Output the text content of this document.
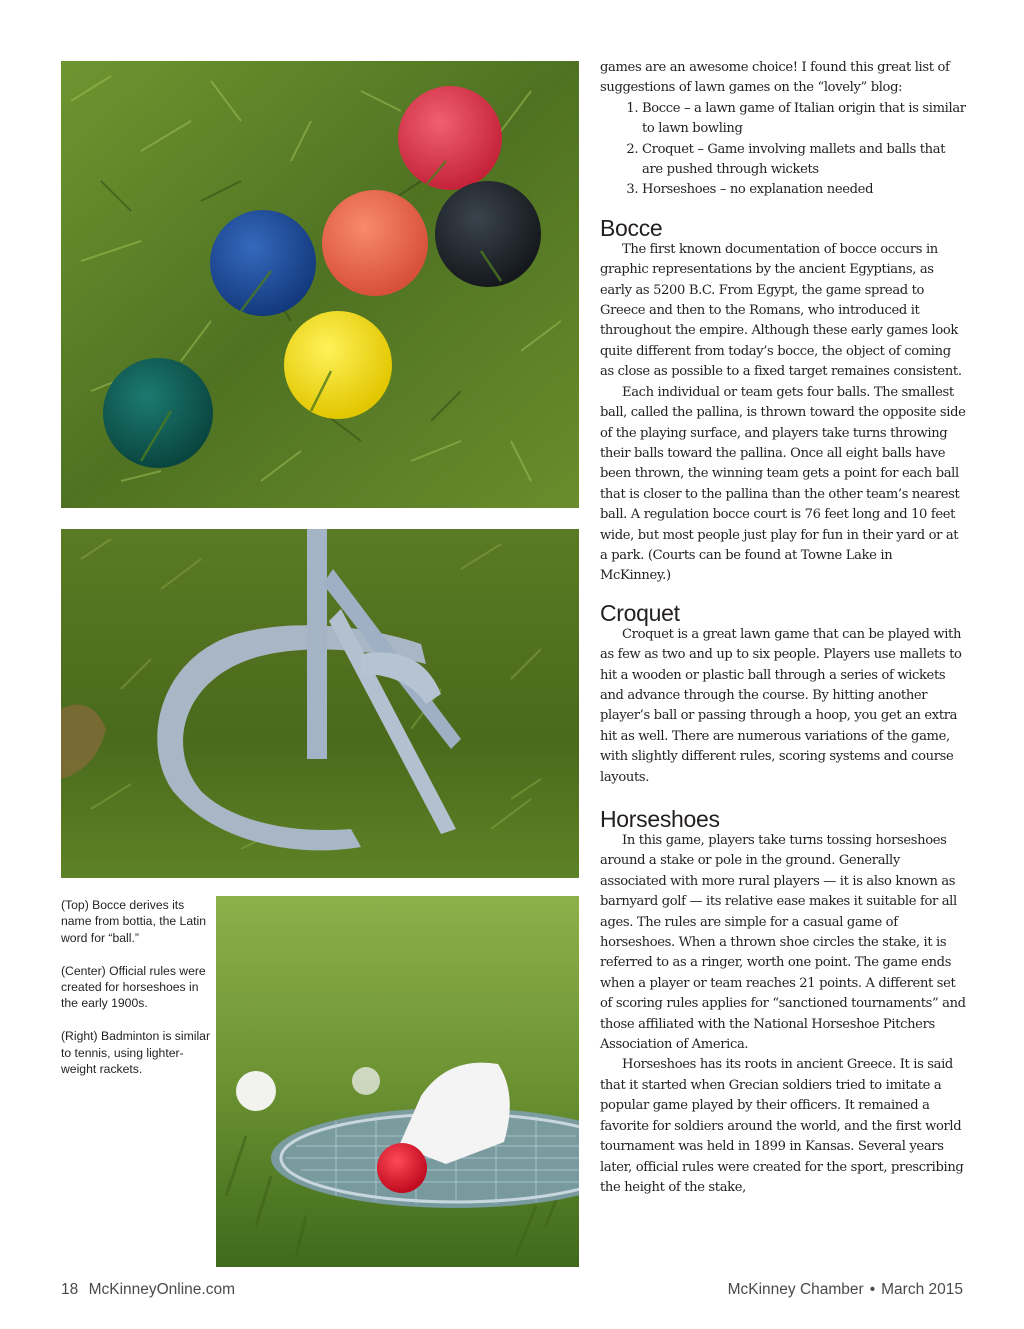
(Top) Bocce derives its name from bottia, the Latin word for “ball.”

(Center) Official rules were created for horseshoes in the early 1900s.

(Right) Badminton is similar to tennis, using lighter-weight rackets.

games are an awesome choice! I found this great list of suggestions of lawn games on the “lovely” blog:

1. Bocce – a lawn game of Italian origin that is similar to lawn bowling
2. Croquet – Game involving mallets and balls that are pushed through wickets
3. Horseshoes – no explanation needed
Bocce

The first known documentation of bocce occurs in graphic representations by the ancient Egyptians, as early as 5200 B.C. From Egypt, the game spread to Greece and then to the Romans, who introduced it throughout the empire. Although these early games look quite different from today’s bocce, the object of coming as close as possible to a fixed target remaines consistent.

Each individual or team gets four balls. The smallest ball, called the pallina, is thrown toward the opposite side of the playing surface, and players take turns throwing their balls toward the pallina. Once all eight balls have been thrown, the winning team gets a point for each ball that is closer to the pallina than the other team’s nearest ball. A regulation bocce court is 76 feet long and 10 feet wide, but most people just play for fun in their yard or at a park. (Courts can be found at Towne Lake in McKinney.)

Croquet

Croquet is a great lawn game that can be played with as few as two and up to six people. Players use mallets to hit a wooden or plastic ball through a series of wickets and advance through the course. By hitting another player’s ball or passing through a hoop, you get an extra hit as well. There are numerous variations of the game, with slightly different rules, scoring systems and course layouts.

Horseshoes

In this game, players take turns tossing horseshoes around a stake or pole in the ground. Generally associated with more rural players — it is also known as barnyard golf — its relative ease makes it suitable for all ages. The rules are simple for a casual game of horseshoes. When a thrown shoe circles the stake, it is referred to as a ringer, worth one point. The game ends when a player or team reaches 21 points. A different set of scoring rules applies for “sanctioned tournaments” and those affiliated with the National Horseshoe Pitchers Association of America.

Horseshoes has its roots in ancient Greece. It is said that it started when Grecian soldiers tried to imitate a popular game played by their officers. It remained a favorite for soldiers around the world, and the first world tournament was held in 1899 in Kansas. Several years later, official rules were created for the sport, prescribing the height of the stake,

18 McKinneyOnline.com	McKinney Chamber • March 2015
